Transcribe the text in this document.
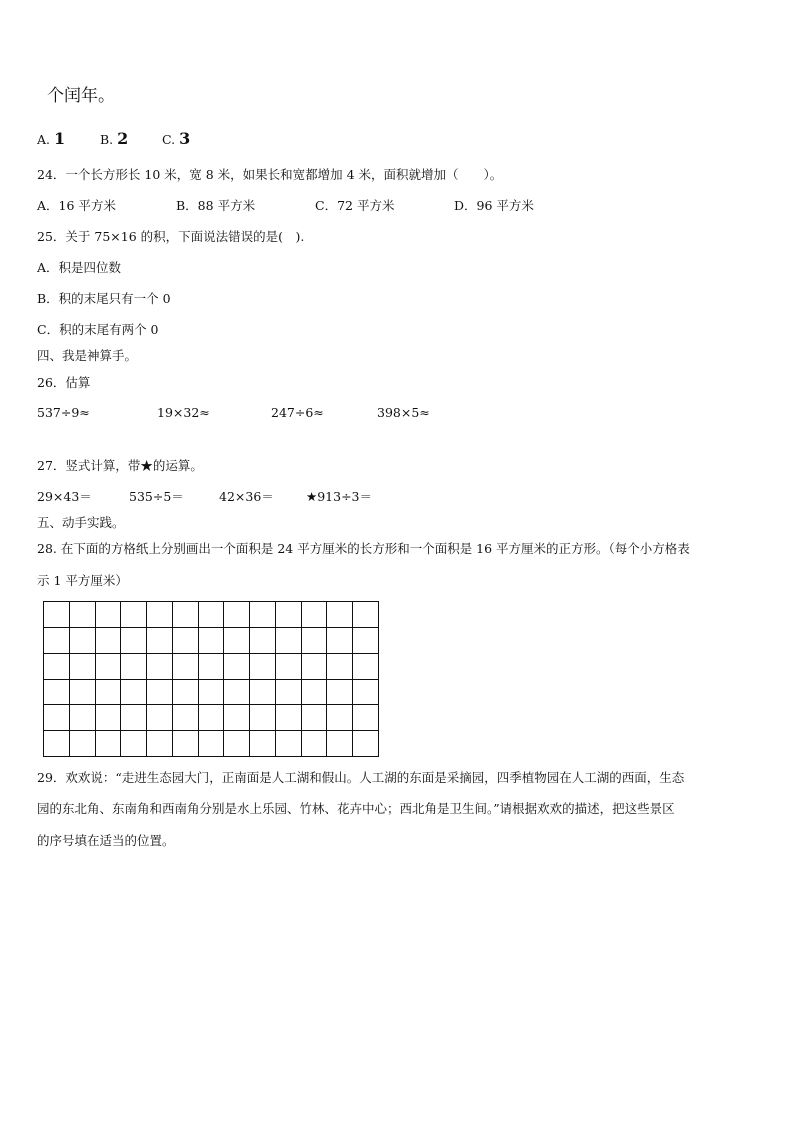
个闰年。
A. 1	B. 2	C. 3
24．一个长方形长 10 米，宽 8 米，如果长和宽都增加 4 米，面积就增加（　　）。
A．16 平方米	B．88 平方米	C．72 平方米	D．96 平方米
25．关于 75×16 的积，下面说法错误的是(　).
A．积是四位数
B．积的末尾只有一个 0
C．积的末尾有两个 0
四、我是神算手。
26．估算
537÷9≈	19×32≈	247÷6≈	398×5≈
27．竖式计算，带★的运算。
29×43＝	535÷5＝	42×36＝	★913÷3＝
五、动手实践。
28. 在下面的方格纸上分别画出一个面积是 24 平方厘米的长方形和一个面积是 16 平方厘米的正方形。（每个小方格表
示 1 平方厘米）
29．欢欢说：“走进生态园大门，正南面是人工湖和假山。人工湖的东面是采摘园，四季植物园在人工湖的西面，生态
园的东北角、东南角和西南角分别是水上乐园、竹林、花卉中心；西北角是卫生间。”请根据欢欢的描述，把这些景区
的序号填在适当的位置。
